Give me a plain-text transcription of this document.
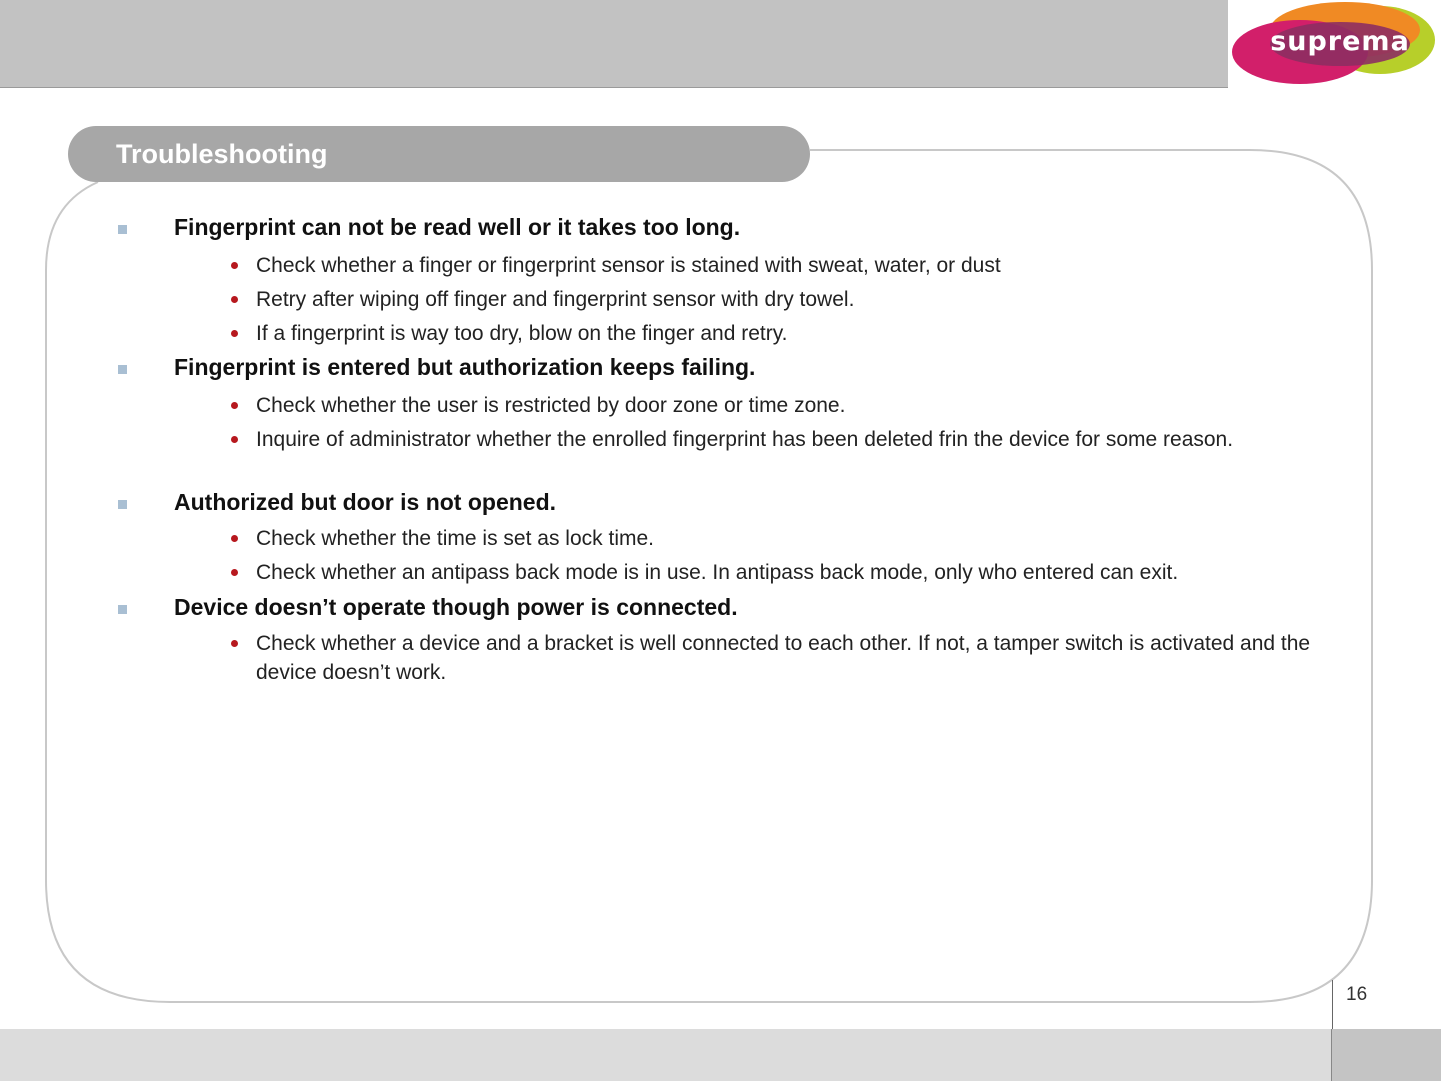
suprema
Troubleshooting
Fingerprint can not be read well or it takes too long.
Check whether a finger or fingerprint sensor is stained with sweat, water, or dust
Retry after wiping off finger and fingerprint sensor with dry towel.
If a fingerprint is way too dry, blow on the finger and retry.
Fingerprint is entered but authorization keeps failing.
Check whether the user is restricted by door zone or time zone.
Inquire of administrator whether the enrolled fingerprint has been deleted frin the device for some reason.
Authorized but door is not opened.
Check whether the time is set as lock time.
Check whether an antipass back mode is in use. In antipass back mode, only who entered can exit.
Device doesn’t operate though power is connected.
Check whether a device and a bracket is well connected to each other. If not, a tamper switch is activated and the device doesn’t work.
16
